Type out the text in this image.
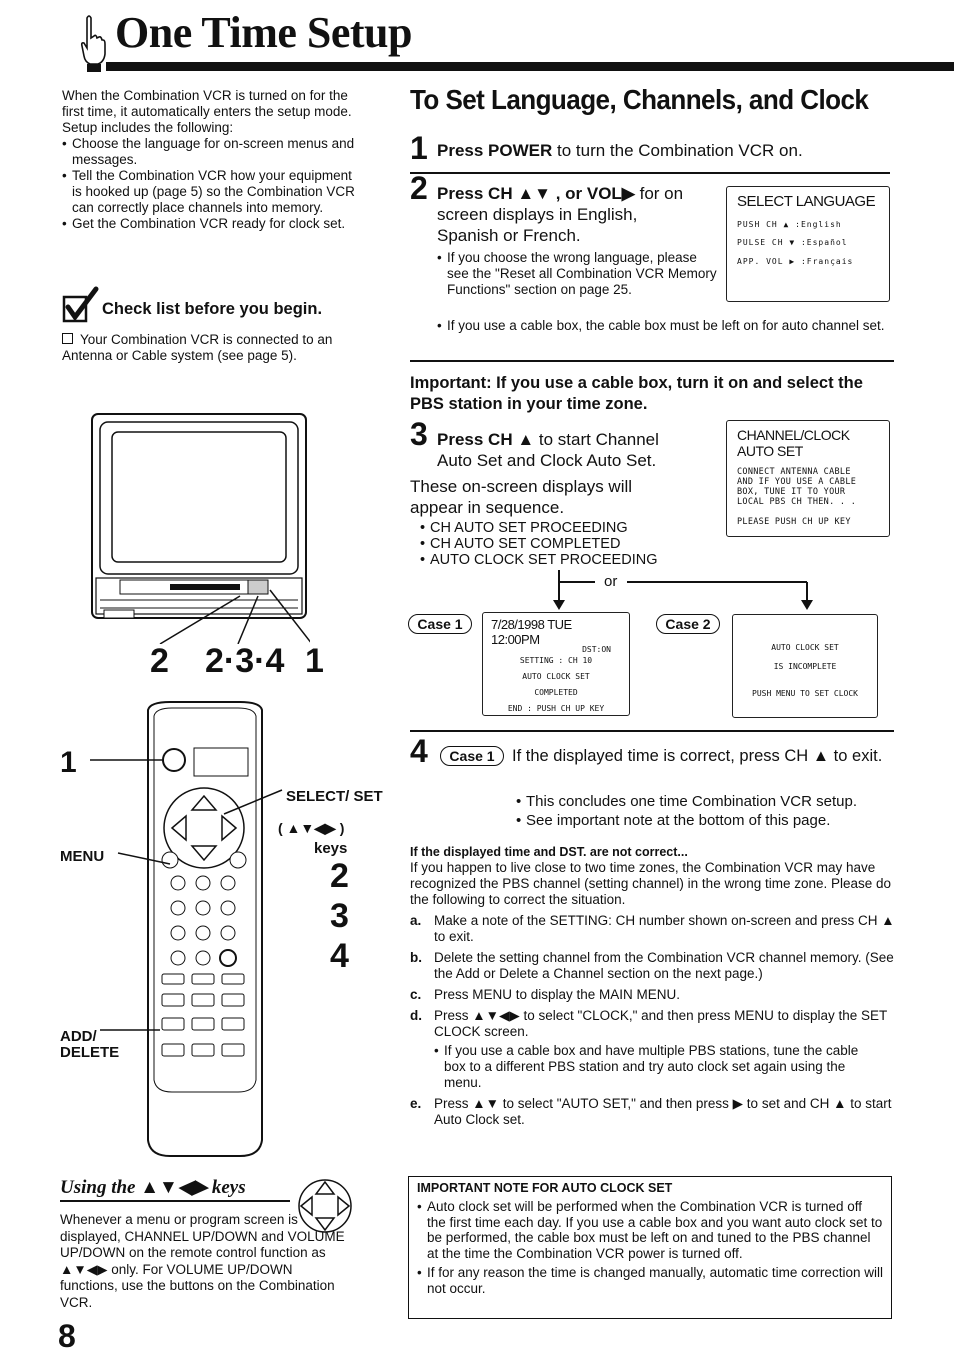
One Time Setup

When the Combination VCR is turned on for the first time, it automatically enters the setup mode. Setup includes the following:

• Choose the language for on-screen menus and messages.
• Tell the Combination VCR how your equipment is hooked up (page 5) so the Combination VCR can correctly place channels into memory.
• Get the Combination VCR ready for clock set.
Check list before you begin.
Your Combination VCR is connected to an Antenna or Cable system (see page 5).
2 2·3·4 1
1
MENU
SELECT/ SET
( ▲▼◀▶ )
keys
2
3
4
ADD/
DELETE
Using the ▲▼◀▶ keys
Whenever a menu or program screen is displayed, CHANNEL UP/DOWN and VOLUME UP/DOWN on the remote control function as ▲▼◀▶ only. For VOLUME UP/DOWN functions, use the buttons on the Combination VCR.
8
To Set Language, Channels, and Clock
1 Press POWER to turn the Combination VCR on.
2 Press CH ▲▼ , or VOL▶ for on
screen displays in English,
Spanish or French.
• If you choose the wrong language, please see the "Reset all Combination VCR Memory Functions" section on page 25.
• If you use a cable box, the cable box must be left on for auto channel set.
SELECT LANGUAGE
PUSH CH ▲ :English
PULSE CH ▼ :Español
APP. VOL ▶ :Français
Important: If you use a cable box, turn it on and select the PBS station in your time zone.
3 Press CH ▲ to start Channel
Auto Set and Clock Auto Set.
These on-screen displays will appear in sequence.
• CH AUTO SET PROCEEDING
• CH AUTO SET COMPLETED
• AUTO CLOCK SET PROCEEDING
CHANNEL/CLOCK AUTO SET
CONNECT ANTENNA CABLE
AND IF YOU USE A CABLE
BOX, TUNE IT TO YOUR
LOCAL PBS CH THEN. . .
PLEASE PUSH CH UP KEY
or
Case 1	7/28/1998 TUE 12:00PM
DST:ON
SETTING : CH 10
AUTO CLOCK SET
COMPLETED
END : PUSH CH UP KEY
Case 2
AUTO CLOCK SET
IS INCOMPLETE
PUSH MENU TO SET CLOCK
4	Case 1	If the displayed time is correct, press CH ▲ to exit.
• This concludes one time Combination VCR setup.
• See important note at the bottom of this page.
If the displayed time and DST. are not correct...
If you happen to live close to two time zones, the Combination VCR may have recognized the PBS channel (setting channel) in the wrong time zone. Please do the following to correct the situation.
a. Make a note of the SETTING: CH number shown on-screen and press CH ▲ to exit.
b. Delete the setting channel from the Combination VCR channel memory. (See the Add or Delete a Channel section on the next page.)
c. Press MENU to display the MAIN MENU.
d. Press ▲▼◀▶ to select "CLOCK," and then press MENU to display the SET CLOCK screen.
• If you use a cable box and have multiple PBS stations, tune the cable box to a different PBS station and try auto clock set again using the menu.
e. Press ▲▼ to select "AUTO SET," and then press ▶ to set and CH ▲ to start Auto Clock set.
IMPORTANT NOTE FOR AUTO CLOCK SET
• Auto clock set will be performed when the Combination VCR is turned off the first time each day. If you use a cable box and you want auto clock set to be performed, the cable box must be left on and tuned to the PBS channel at the time the Combination VCR power is turned off.
• If for any reason the time is changed manually, automatic time correction will not occur.
